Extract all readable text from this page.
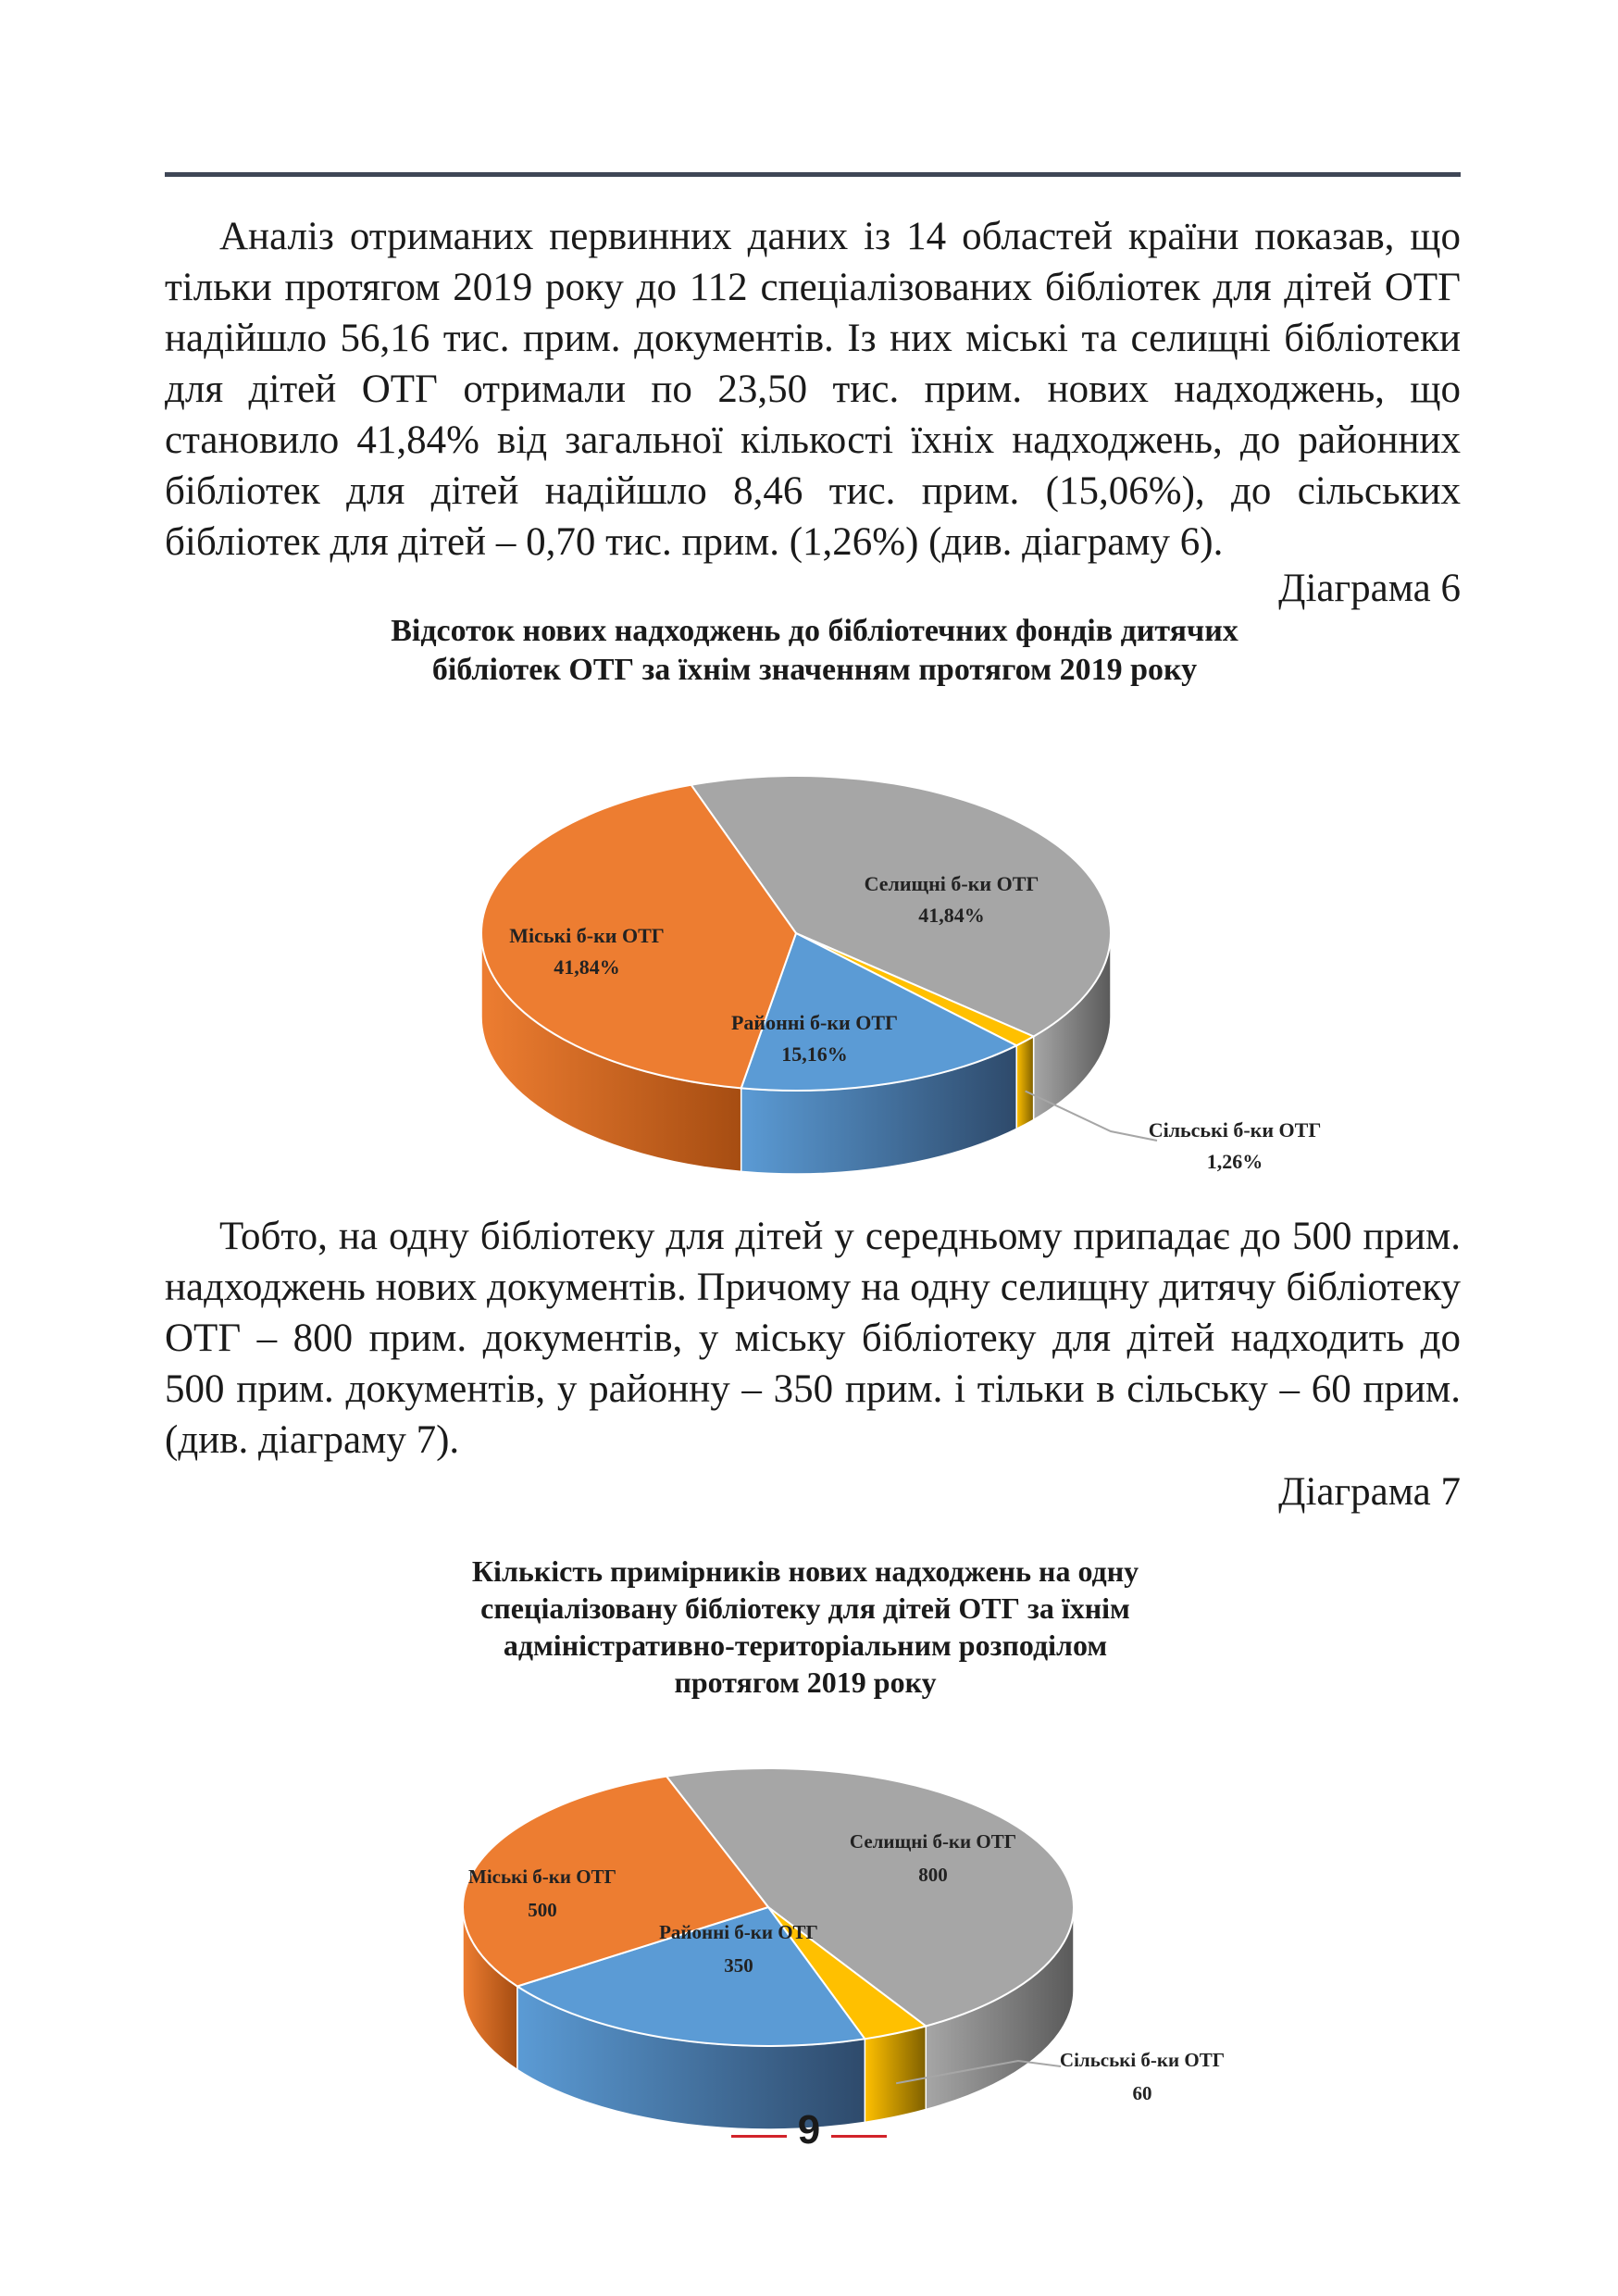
Аналіз отриманих первинних даних із 14 областей країни показав, що тільки протягом 2019 року до 112 спеціалізованих бібліотек для дітей ОТГ надійшло 56,16 тис. прим. документів. Із них міські та селищні бібліотеки для дітей ОТГ отримали по 23,50 тис. прим. нових надходжень, що становило 41,84% від загальної кількості їхніх надходжень, до районних бібліотек для дітей надійшло 8,46 тис. прим. (15,06%), до сільських бібліотек для дітей – 0,70 тис. прим. (1,26%) (див. діаграму 6).

Діаграма 6
Відсоток нових надходжень до бібліотечних фондів дитячих
бібліотек ОТГ за їхнім значенням протягом 2019 року
Селищні б-ки ОТГ
41,84%
Сільські б-ки ОТГ
1,26%
Районні б-ки ОТГ
15,16%
Міські б-ки ОТГ
41,84%

Тобто, на одну бібліотеку для дітей у середньому припадає до 500 прим. надходжень нових документів. Причому на одну селищну дитячу бібліотеку ОТГ – 800 прим. документів, у міську бібліотеку для дітей надходить до 500 прим. документів, у районну – 350 прим. і тільки в сільську – 60 прим. (див. діаграму 7).

Діаграма 7
Кількість примірників нових надходжень на одну
спеціалізовану бібліотеку для дітей ОТГ за їхнім
адміністративно-територіальним розподілом
протягом 2019 року
Селищні б-ки ОТГ
800
Сільські б-ки ОТГ
60
Районні б-ки ОТГ
350
Міські б-ки ОТГ
500
9
